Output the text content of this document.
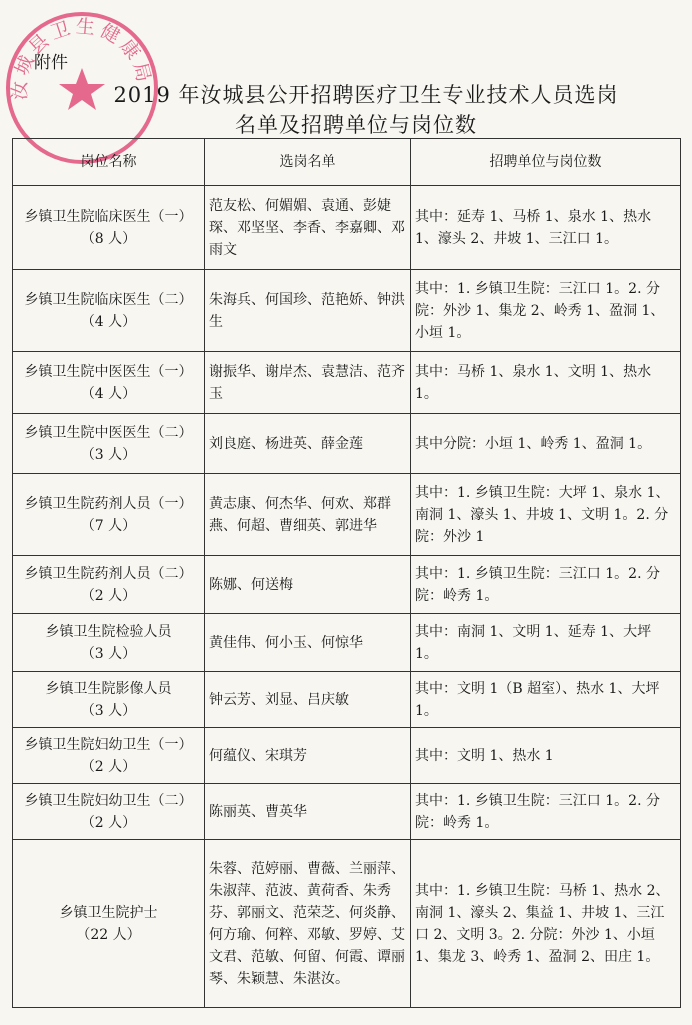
汝城县卫生健康局
附件
2019 年汝城县公开招聘医疗卫生专业技术人员选岗
名单及招聘单位与岗位数
岗位名称	选岗名单	招聘单位与岗位数

乡镇卫生院临床医生（一）
（8 人）	范友松、何媚媚、袁通、彭婕琛、邓坚坚、李香、李嘉卿、邓雨文	其中：延寿 1、马桥 1、泉水 1、热水 1、濠头 2、井坡 1、三江口 1。

乡镇卫生院临床医生（二）
（4 人）	朱海兵、何国珍、范艳娇、钟洪生	其中：1. 乡镇卫生院：三江口 1。2. 分院：外沙 1、集龙 2、岭秀 1、盈洞 1、小垣 1。

乡镇卫生院中医医生（一）
（4 人）	谢振华、谢岸杰、袁慧洁、范齐玉	其中：马桥 1、泉水 1、文明 1、热水 1。

乡镇卫生院中医医生（二）
（3 人）	刘良庭、杨进英、薛金莲	其中分院：小垣 1、岭秀 1、盈洞 1。

乡镇卫生院药剂人员（一）
（7 人）	黄志康、何杰华、何欢、郑群燕、何超、曹细英、郭进华	其中：1. 乡镇卫生院：大坪 1、泉水 1、南洞 1、濠头 1、井坡 1、文明 1。2. 分院：外沙 1

乡镇卫生院药剂人员（二）
（2 人）	陈娜、何送梅	其中：1. 乡镇卫生院：三江口 1。2. 分院：岭秀 1。

乡镇卫生院检验人员
（3 人）	黄佳伟、何小玉、何惊华	其中：南洞 1、文明 1、延寿 1、大坪 1。

乡镇卫生院影像人员
（3 人）	钟云芳、刘显、吕庆敏	其中：文明 1（B 超室）、热水 1、大坪 1。

乡镇卫生院妇幼卫生（一）
（2 人）	何蕴仪、宋琪芳	其中：文明 1、热水 1

乡镇卫生院妇幼卫生（二）
（2 人）	陈丽英、曹英华	其中：1. 乡镇卫生院：三江口 1。2. 分院：岭秀 1。

乡镇卫生院护士
（22 人）	朱蓉、范婷丽、曹薇、兰丽萍、朱淑萍、范波、黄荷香、朱秀芬、郭丽文、范荣芝、何炎静、何方瑜、何粹、邓敏、罗婷、艾文君、范敏、何留、何霞、谭丽琴、朱颖慧、朱湛汝。	其中：1. 乡镇卫生院：马桥 1、热水 2、南洞 1、濠头 2、集益 1、井坡 1、三江口 2、文明 3。2. 分院：外沙 1、小垣 1、集龙 3、岭秀 1、盈洞 2、田庄 1。
